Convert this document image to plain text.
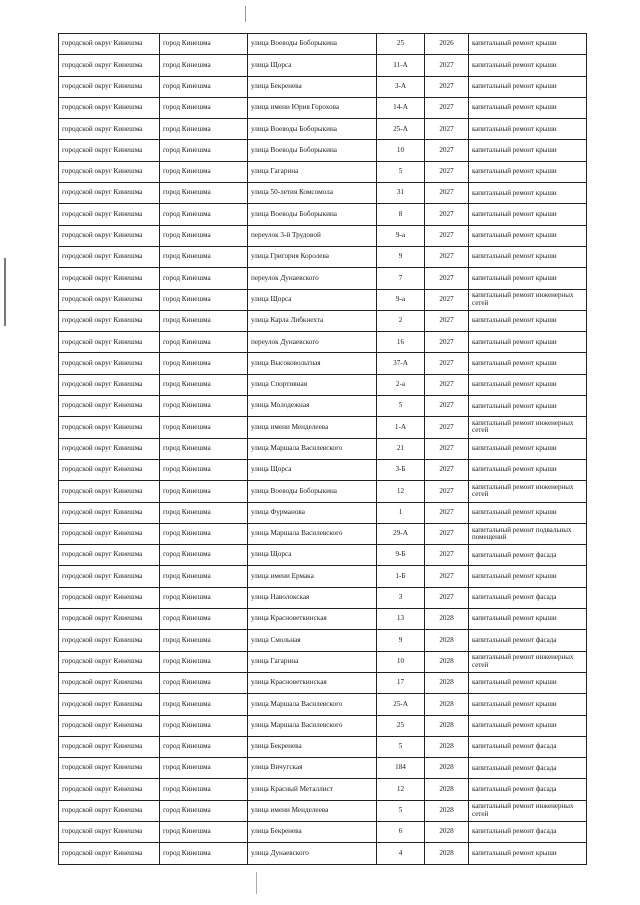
городской округ Кинешма	город Кинешма	улица Воеводы Боборыкина	25	2026	капитальный ремонт крыши
городской округ Кинешма	город Кинешма	улица Щорса	11-А	2027	капитальный ремонт крыши
городской округ Кинешма	город Кинешма	улица Бекренева	3-А	2027	капитальный ремонт крыши
городской округ Кинешма	город Кинешма	улица имени Юрия Горохова	14-А	2027	капитальный ремонт крыши
городской округ Кинешма	город Кинешма	улица Воеводы Боборыкина	25-А	2027	капитальный ремонт крыши
городской округ Кинешма	город Кинешма	улица Воеводы Боборыкина	10	2027	капитальный ремонт крыши
городской округ Кинешма	город Кинешма	улица Гагарина	5	2027	капитальный ремонт крыши
городской округ Кинешма	город Кинешма	улица 50-летия Комсомола	31	2027	капитальный ремонт крыши
городской округ Кинешма	город Кинешма	улица Воеводы Боборыкина	8	2027	капитальный ремонт крыши
городской округ Кинешма	город Кинешма	переулок 3-й Трудовой	9-а	2027	капитальный ремонт крыши
городской округ Кинешма	город Кинешма	улица Григория Королева	9	2027	капитальный ремонт крыши
городской округ Кинешма	город Кинешма	переулок Дунаевского	7	2027	капитальный ремонт крыши
городской округ Кинешма	город Кинешма	улица Щорса	9-а	2027	капитальный ремонт инженерных сетей
городской округ Кинешма	город Кинешма	улица Карла Либкнехта	2	2027	капитальный ремонт крыши
городской округ Кинешма	город Кинешма	переулок Дунаевского	16	2027	капитальный ремонт крыши
городской округ Кинешма	город Кинешма	улица Высоковольтная	37-А	2027	капитальный ремонт крыши
городской округ Кинешма	город Кинешма	улица Спортивная	2-а	2027	капитальный ремонт крыши
городской округ Кинешма	город Кинешма	улица Молодежная	5	2027	капитальный ремонт крыши
городской округ Кинешма	город Кинешма	улица имени Менделеева	1-А	2027	капитальный ремонт инженерных сетей
городской округ Кинешма	город Кинешма	улица Маршала Василевского	21	2027	капитальный ремонт крыши
городской округ Кинешма	город Кинешма	улица Щорса	3-Б	2027	капитальный ремонт крыши
городской округ Кинешма	город Кинешма	улица Воеводы Боборыкина	12	2027	капитальный ремонт инженерных сетей
городской округ Кинешма	город Кинешма	улица Фурманова	1	2027	капитальный ремонт крыши
городской округ Кинешма	город Кинешма	улица Маршала Василевского	29-А	2027	капитальный ремонт подвальных помещений
городской округ Кинешма	город Кинешма	улица Щорса	9-Б	2027	капитальный ремонт фасада
городской округ Кинешма	город Кинешма	улица имени Ермака	1-Б	2027	капитальный ремонт крыши
городской округ Кинешма	город Кинешма	улица Наволокская	3	2027	капитальный ремонт фасада
городской округ Кинешма	город Кинешма	улица Красноветкинская	13	2028	капитальный ремонт крыши
городской округ Кинешма	город Кинешма	улица Смольная	9	2028	капитальный ремонт фасада
городской округ Кинешма	город Кинешма	улица Гагарина	10	2028	капитальный ремонт инженерных сетей
городской округ Кинешма	город Кинешма	улица Красноветкинская	17	2028	капитальный ремонт крыши
городской округ Кинешма	город Кинешма	улица Маршала Василевского	25-А	2028	капитальный ремонт крыши
городской округ Кинешма	город Кинешма	улица Маршала Василевского	25	2028	капитальный ремонт крыши
городской округ Кинешма	город Кинешма	улица Бекренева	5	2028	капитальный ремонт фасада
городской округ Кинешма	город Кинешма	улица Вичугская	184	2028	капитальный ремонт фасада
городской округ Кинешма	город Кинешма	улица Красный Металлист	12	2028	капитальный ремонт фасада
городской округ Кинешма	город Кинешма	улица имени Менделеева	5	2028	капитальный ремонт инженерных сетей
городской округ Кинешма	город Кинешма	улица Бекренева	6	2028	капитальный ремонт фасада
городской округ Кинешма	город Кинешма	улица Дунаевского	4	2028	капитальный ремонт крыши
